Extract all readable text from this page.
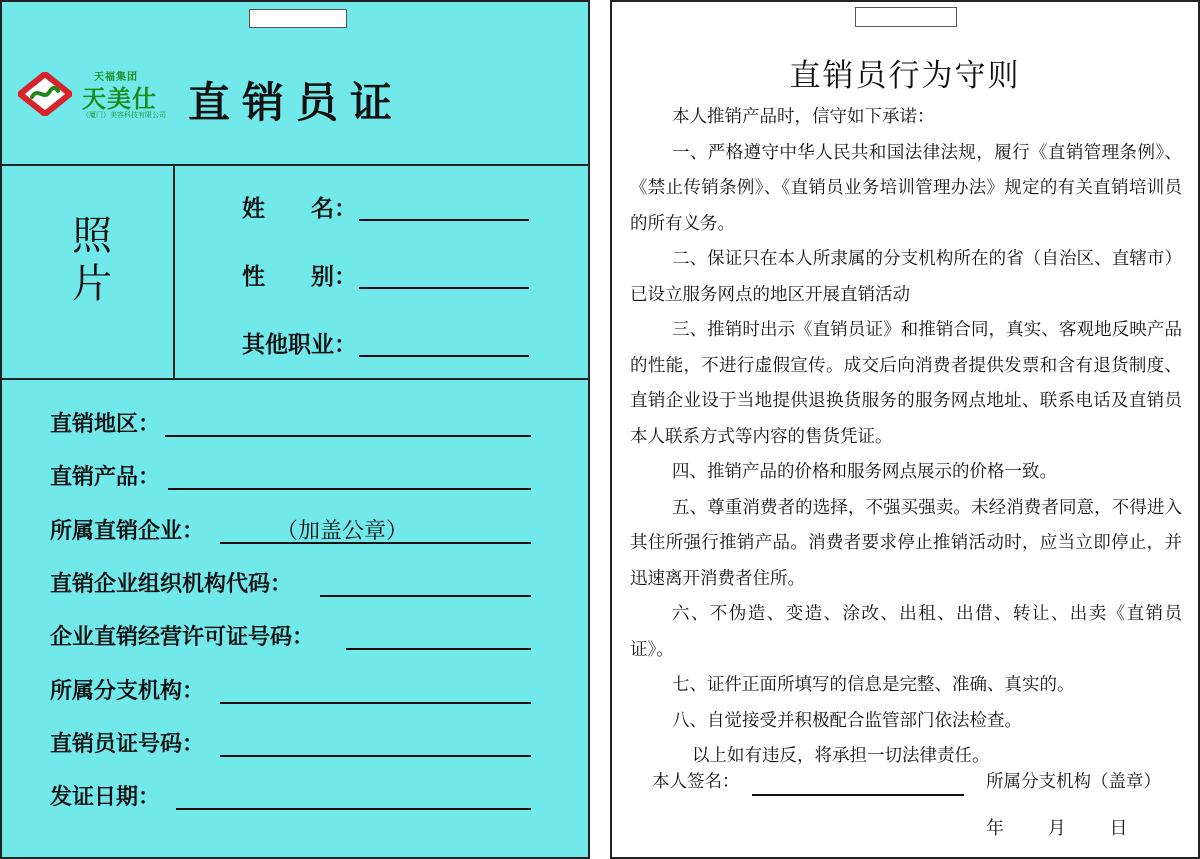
天福集团
天美仕
（厦门）美容科技有限公司 直销员证
照
片
姓　　名：
性　　别：
其他职业：
直销地区：
直销产品：
所属直销企业：	（加盖公章）
直销企业组织机构代码：
企业直销经营许可证号码：
所属分支机构：
直销员证号码：
发证日期：
直销员行为守则
本人推销产品时，信守如下承诺：

一、严格遵守中华人民共和国法律法规，履行《直销管理条例》、《禁止传销条例》、《直销员业务培训管理办法》规定的有关直销培训员的所有义务。

二、保证只在本人所隶属的分支机构所在的省（自治区、直辖市）已设立服务网点的地区开展直销活动

三、推销时出示《直销员证》和推销合同，真实、客观地反映产品的性能，不进行虚假宣传。成交后向消费者提供发票和含有退货制度、直销企业设于当地提供退换货服务的服务网点地址、联系电话及直销员本人联系方式等内容的售货凭证。

四、推销产品的价格和服务网点展示的价格一致。

五、尊重消费者的选择，不强买强卖。未经消费者同意，不得进入其住所强行推销产品。消费者要求停止推销活动时，应当立即停止，并迅速离开消费者住所。

六、不伪造、变造、涂改、出租、出借、转让、出卖《直销员证》。

七、证件正面所填写的信息是完整、准确、真实的。

八、自觉接受并积极配合监管部门依法检查。

以上如有违反，将承担一切法律责任。

本人签名：	所属分支机构（盖章）
年 月 日
